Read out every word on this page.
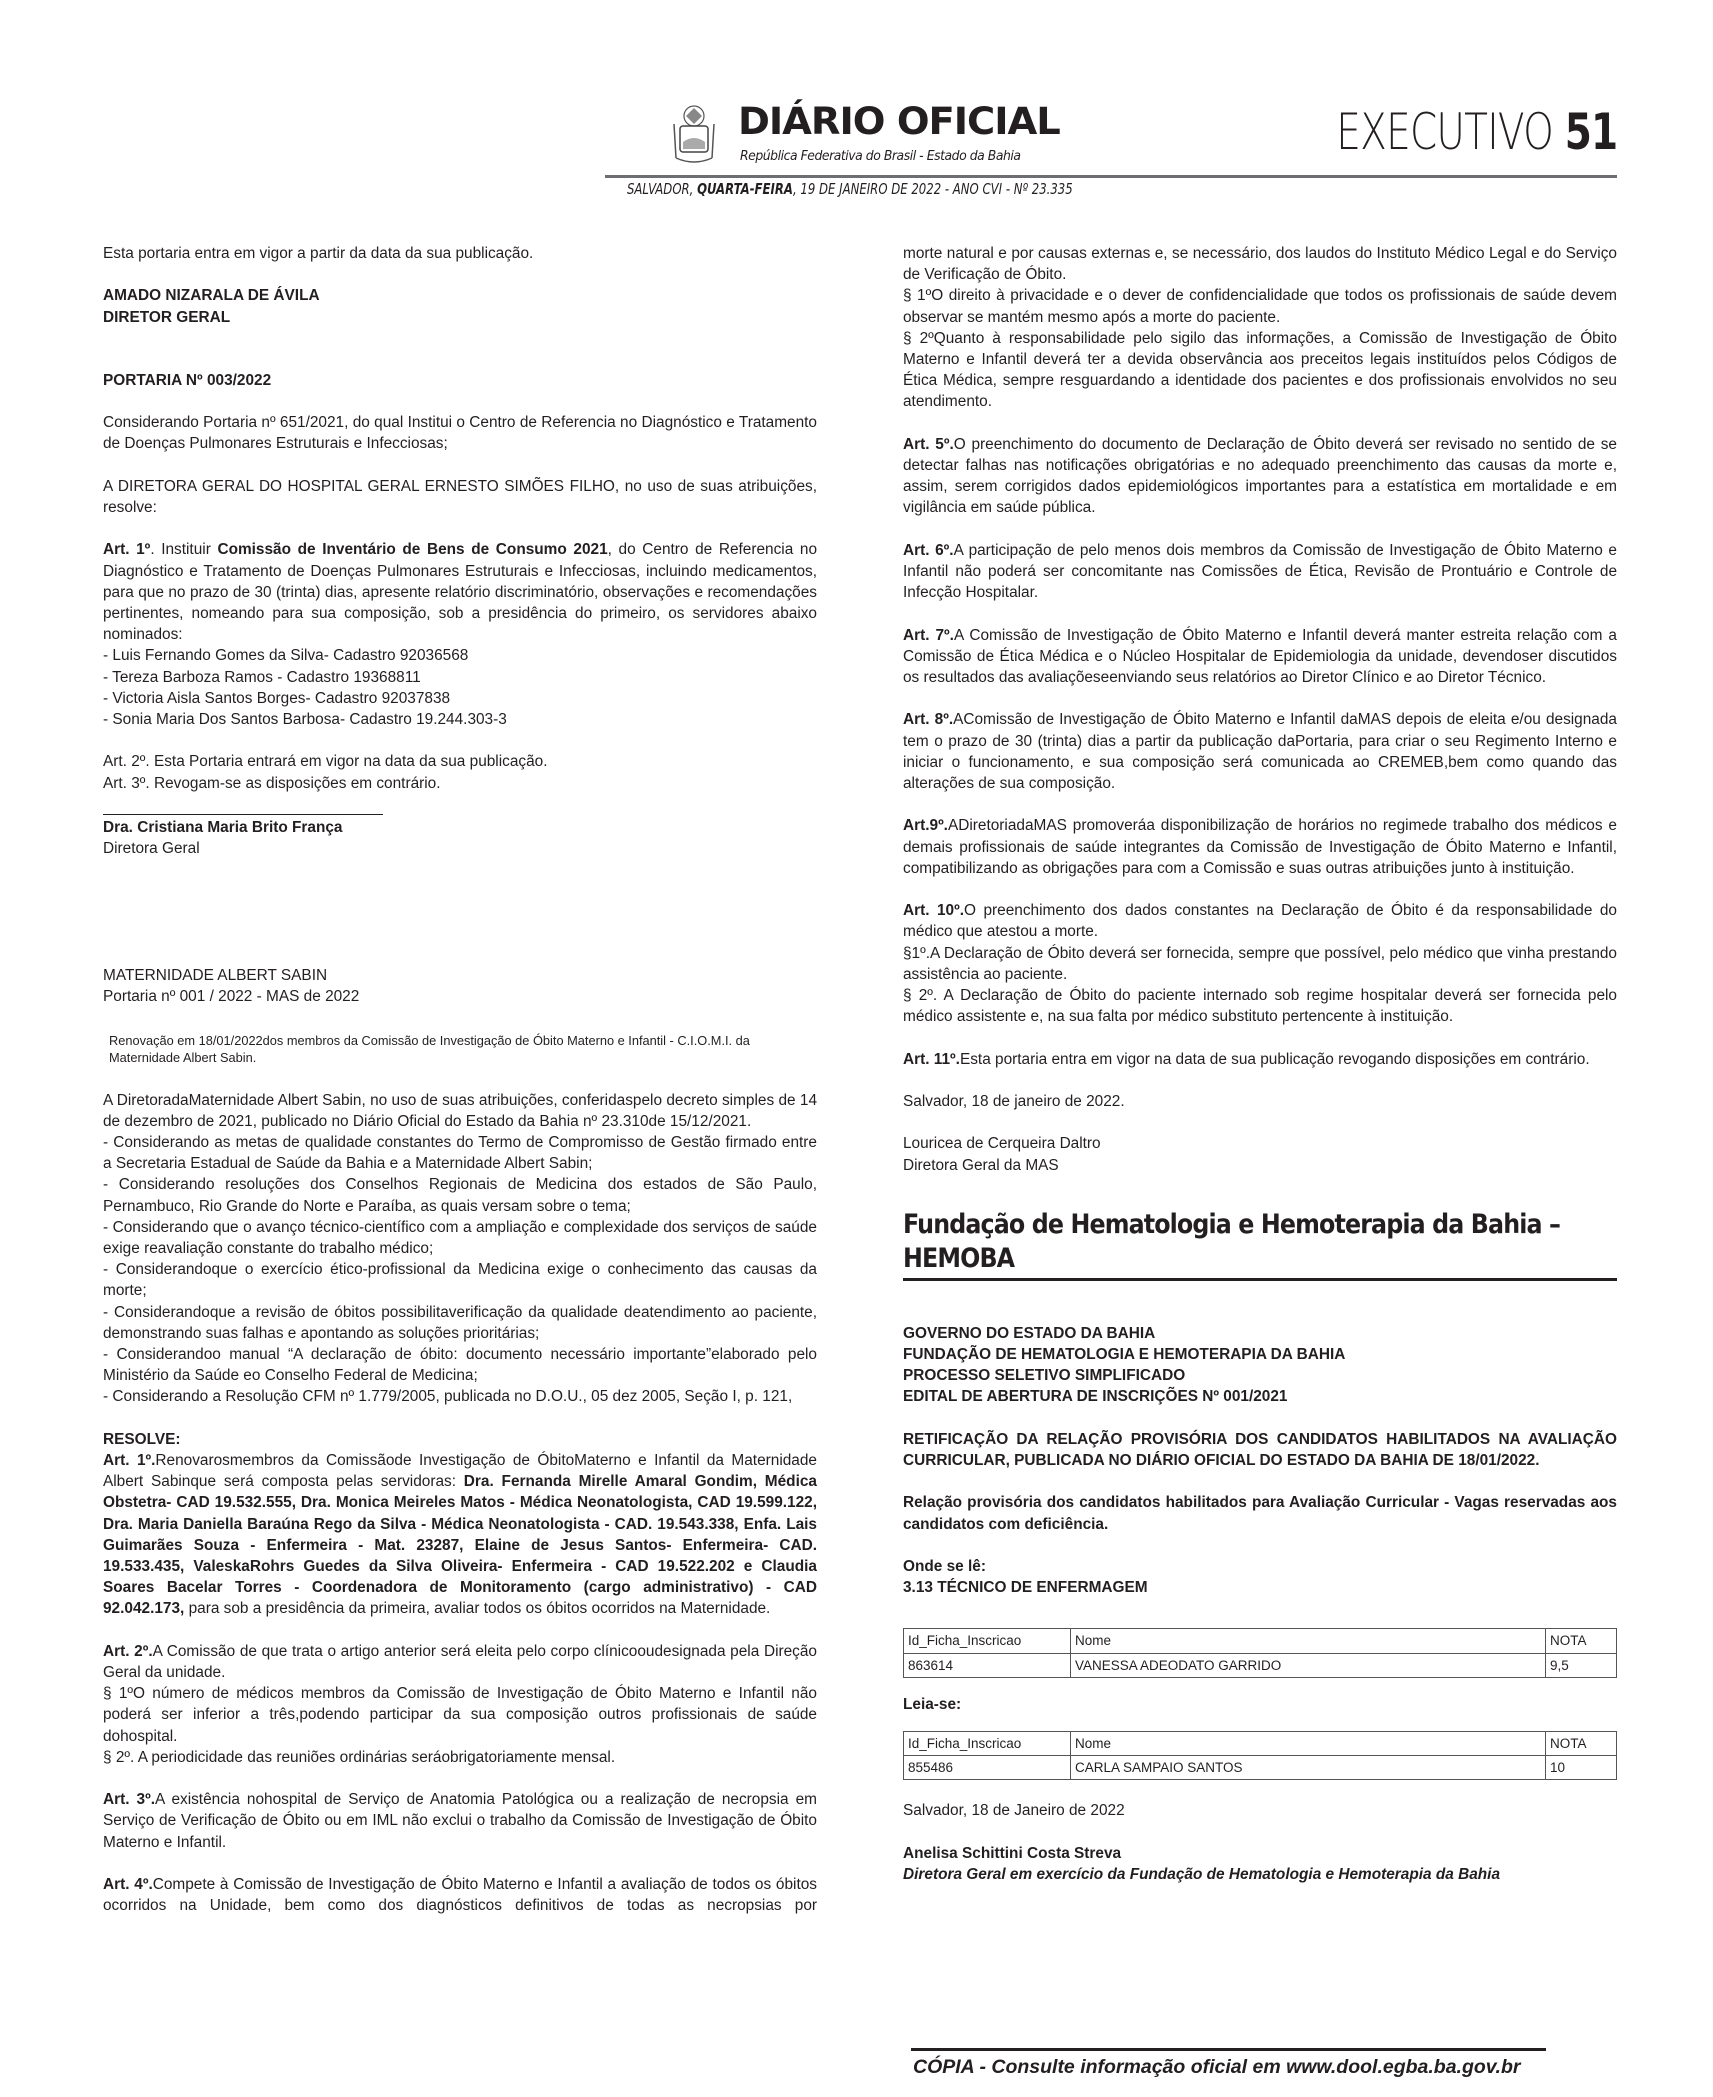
DIÁRIO OFICIAL
República Federativa do Brasil - Estado da Bahia	EXECUTIVO 51
SALVADOR, QUARTA-FEIRA, 19 DE JANEIRO DE 2022 - ANO CVI - Nº 23.335

Esta portaria entra em vigor a partir da data da sua publicação.

AMADO NIZARALA DE ÁVILA

DIRETOR GERAL

PORTARIA Nº 003/2022

Considerando Portaria nº 651/2021, do qual Institui o Centro de Referencia no Diagnóstico e Tratamento de Doenças Pulmonares Estruturais e Infecciosas;

A DIRETORA GERAL DO HOSPITAL GERAL ERNESTO SIMÕES FILHO, no uso de suas atribuições, resolve:

Art. 1º. Instituir Comissão de Inventário de Bens de Consumo 2021, do Centro de Referencia no Diagnóstico e Tratamento de Doenças Pulmonares Estruturais e Infecciosas, incluindo medicamentos, para que no prazo de 30 (trinta) dias, apresente relatório discriminatório, observações e recomendações pertinentes, nomeando para sua composição, sob a presidência do primeiro, os servidores abaixo nominados:

- Luis Fernando Gomes da Silva- Cadastro 92036568

- Tereza Barboza Ramos - Cadastro 19368811

- Victoria Aisla Santos Borges- Cadastro 92037838

- Sonia Maria Dos Santos Barbosa- Cadastro 19.244.303-3

Art. 2º. Esta Portaria entrará em vigor na data da sua publicação.

Art. 3º. Revogam-se as disposições em contrário.

Dra. Cristiana Maria Brito França

Diretora Geral

MATERNIDADE ALBERT SABIN

Portaria nº 001 / 2022 - MAS de 2022

Renovação em 18/01/2022dos membros da Comissão de Investigação de Óbito Materno e Infantil - C.I.O.M.I. da Maternidade Albert Sabin.

A DiretoradaMaternidade Albert Sabin, no uso de suas atribuições, conferidaspelo decreto simples de 14 de dezembro de 2021, publicado no Diário Oficial do Estado da Bahia nº 23.310de 15/12/2021.

- Considerando as metas de qualidade constantes do Termo de Compromisso de Gestão firmado entre a Secretaria Estadual de Saúde da Bahia e a Maternidade Albert Sabin;

- Considerando resoluções dos Conselhos Regionais de Medicina dos estados de São Paulo, Pernambuco, Rio Grande do Norte e Paraíba, as quais versam sobre o tema;

- Considerando que o avanço técnico-científico com a ampliação e complexidade dos serviços de saúde exige reavaliação constante do trabalho médico;

- Considerandoque o exercício ético-profissional da Medicina exige o conhecimento das causas da morte;

- Considerandoque a revisão de óbitos possibilitaverificação da qualidade deatendimento ao paciente, demonstrando suas falhas e apontando as soluções prioritárias;

- Considerandoo manual “A declaração de óbito: documento necessário importante”elaborado pelo Ministério da Saúde eo Conselho Federal de Medicina;

- Considerando a Resolução CFM nº 1.779/2005, publicada no D.O.U., 05 dez 2005, Seção I, p. 121,

RESOLVE:

Art. 1º.Renovarosmembros da Comissãode Investigação de ÓbitoMaterno e Infantil da Maternidade Albert Sabinque será composta pelas servidoras: Dra. Fernanda Mirelle Amaral Gondim, Médica Obstetra- CAD 19.532.555, Dra. Monica Meireles Matos - Médica Neonatologista, CAD 19.599.122, Dra. Maria Daniella Baraúna Rego da Silva - Médica Neonatologista - CAD. 19.543.338, Enfa. Lais Guimarães Souza - Enfermeira - Mat. 23287, Elaine de Jesus Santos- Enfermeira- CAD. 19.533.435, ValeskaRohrs Guedes da Silva Oliveira- Enfermeira - CAD 19.522.202 e Claudia Soares Bacelar Torres - Coordenadora de Monitoramento (cargo administrativo) - CAD 92.042.173, para sob a presidência da primeira, avaliar todos os óbitos ocorridos na Maternidade.

Art. 2º.A Comissão de que trata o artigo anterior será eleita pelo corpo clínicooudesignada pela Direção Geral da unidade.

§ 1ºO número de médicos membros da Comissão de Investigação de Óbito Materno e Infantil não poderá ser inferior a três,podendo participar da sua composição outros profissionais de saúde dohospital.

§ 2º. A periodicidade das reuniões ordinárias seráobrigatoriamente mensal.

Art. 3º.A existência nohospital de Serviço de Anatomia Patológica ou a realização de necropsia em Serviço de Verificação de Óbito ou em IML não exclui o trabalho da Comissão de Investigação de Óbito Materno e Infantil.

Art. 4º.Compete à Comissão de Investigação de Óbito Materno e Infantil a avaliação de todos os óbitos ocorridos na Unidade, bem como dos diagnósticos definitivos de todas as necropsias por

morte natural e por causas externas e, se necessário, dos laudos do Instituto Médico Legal e do Serviço de Verificação de Óbito.

§ 1ºO direito à privacidade e o dever de confidencialidade que todos os profissionais de saúde devem observar se mantém mesmo após a morte do paciente.

§ 2ºQuanto à responsabilidade pelo sigilo das informações, a Comissão de Investigação de Óbito Materno e Infantil deverá ter a devida observância aos preceitos legais instituídos pelos Códigos de Ética Médica, sempre resguardando a identidade dos pacientes e dos profissionais envolvidos no seu atendimento.

Art. 5º.O preenchimento do documento de Declaração de Óbito deverá ser revisado no sentido de se detectar falhas nas notificações obrigatórias e no adequado preenchimento das causas da morte e, assim, serem corrigidos dados epidemiológicos importantes para a estatística em mortalidade e em vigilância em saúde pública.

Art. 6º.A participação de pelo menos dois membros da Comissão de Investigação de Óbito Materno e Infantil não poderá ser concomitante nas Comissões de Ética, Revisão de Prontuário e Controle de Infecção Hospitalar.

Art. 7º.A Comissão de Investigação de Óbito Materno e Infantil deverá manter estreita relação com a Comissão de Ética Médica e o Núcleo Hospitalar de Epidemiologia da unidade, devendoser discutidos os resultados das avaliaçõeseenviando seus relatórios ao Diretor Clínico e ao Diretor Técnico.

Art. 8º.AComissão de Investigação de Óbito Materno e Infantil daMAS depois de eleita e/ou designada tem o prazo de 30 (trinta) dias a partir da publicação daPortaria, para criar o seu Regimento Interno e iniciar o funcionamento, e sua composição será comunicada ao CREMEB,bem como quando das alterações de sua composição.

Art.9º.ADiretoriadaMAS promoveráa disponibilização de horários no regimede trabalho dos médicos e demais profissionais de saúde integrantes da Comissão de Investigação de Óbito Materno e Infantil, compatibilizando as obrigações para com a Comissão e suas outras atribuições junto à instituição.

Art. 10º.O preenchimento dos dados constantes na Declaração de Óbito é da responsabilidade do médico que atestou a morte.

§1º.A Declaração de Óbito deverá ser fornecida, sempre que possível, pelo médico que vinha prestando assistência ao paciente.

§ 2º. A Declaração de Óbito do paciente internado sob regime hospitalar deverá ser fornecida pelo médico assistente e, na sua falta por médico substituto pertencente à instituição.

Art. 11º.Esta portaria entra em vigor na data de sua publicação revogando disposições em contrário.

Salvador, 18 de janeiro de 2022.

Louricea de Cerqueira Daltro

Diretora Geral da MAS

Fundação de Hematologia e Hemoterapia da Bahia – HEMOBA

GOVERNO DO ESTADO DA BAHIA

FUNDAÇÃO DE HEMATOLOGIA E HEMOTERAPIA DA BAHIA

PROCESSO SELETIVO SIMPLIFICADO

EDITAL DE ABERTURA DE INSCRIÇÕES Nº 001/2021

RETIFICAÇÃO DA RELAÇÃO PROVISÓRIA DOS CANDIDATOS HABILITADOS NA AVALIAÇÃO CURRICULAR, PUBLICADA NO DIÁRIO OFICIAL DO ESTADO DA BAHIA DE 18/01/2022.

Relação provisória dos candidatos habilitados para Avaliação Curricular - Vagas reservadas aos candidatos com deficiência.

Onde se lê:

3.13 TÉCNICO DE ENFERMAGEM

Id_Ficha_Inscricao	Nome	NOTA
863614	VANESSA ADEODATO GARRIDO	9,5

Leia-se:

Id_Ficha_Inscricao	Nome	NOTA
855486	CARLA SAMPAIO SANTOS	10

Salvador, 18 de Janeiro de 2022

Anelisa Schittini Costa Streva

Diretora Geral em exercício da Fundação de Hematologia e Hemoterapia da Bahia

CÓPIA - Consulte informação oficial em www.dool.egba.ba.gov.br
